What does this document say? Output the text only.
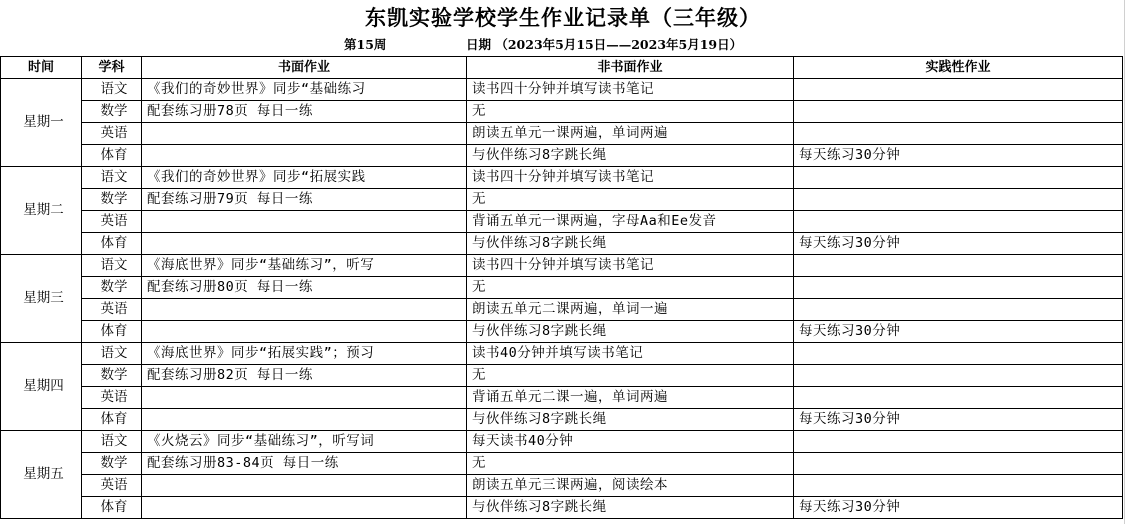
东凯实验学校学生作业记录单（三年级）
第15周	日期 （2023年5月15日——2023年5月19日）
时间	学科	书面作业	非书面作业	实践性作业
星期一	语文	《我们的奇妙世界》同步“基础练习	读书四十分钟并填写读书笔记	
	数学	配套练习册78页 每日一练	无	
	英语		朗读五单元一课两遍，单词两遍	
	体育		与伙伴练习8字跳长绳	每天练习30分钟
星期二	语文	《我们的奇妙世界》同步“拓展实践	读书四十分钟并填写读书笔记	
	数学	配套练习册79页 每日一练	无	
	英语		背诵五单元一课两遍，字母Aa和Ee发音	
	体育		与伙伴练习8字跳长绳	每天练习30分钟
星期三	语文	《海底世界》同步“基础练习”，听写	读书四十分钟并填写读书笔记	
	数学	配套练习册80页 每日一练	无	
	英语		朗读五单元二课两遍，单词一遍	
	体育		与伙伴练习8字跳长绳	每天练习30分钟
星期四	语文	《海底世界》同步“拓展实践”；预习	读书40分钟并填写读书笔记	
	数学	配套练习册82页 每日一练	无	
	英语		背诵五单元二课一遍，单词两遍	
	体育		与伙伴练习8字跳长绳	每天练习30分钟
星期五	语文	《火烧云》同步“基础练习”，听写词	每天读书40分钟	
	数学	配套练习册83-84页 每日一练	无	
	英语		朗读五单元三课两遍，阅读绘本	
	体育		与伙伴练习8字跳长绳	每天练习30分钟
